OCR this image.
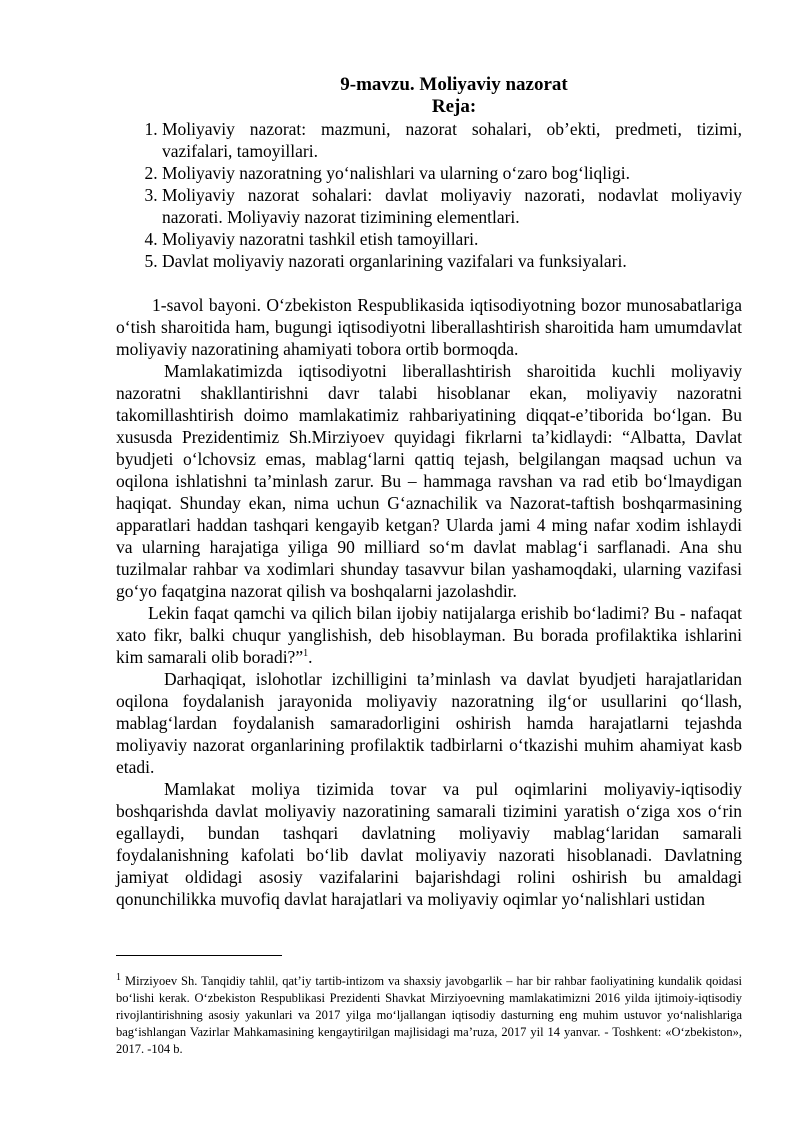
9-mavzu. Moliyaviy nazorat

Reja:

1. Moliyaviy nazorat: mazmuni, nazorat sohalari, ob’ekti, predmeti, tizimi, vazifalari, tamoyillari.
2. Moliyaviy nazoratning yo‘nalishlari va ularning o‘zaro bog‘liqligi.
3. Moliyaviy nazorat sohalari: davlat moliyaviy nazorati, nodavlat moliyaviy nazorati. Moliyaviy nazorat tizimining elementlari.
4. Moliyaviy nazoratni tashkil etish tamoyillari.
5. Davlat moliyaviy nazorati organlarining vazifalari va funksiyalari.

1-savol bayoni. O‘zbekiston Respublikasida iqtisodiyotning bozor munosabatlariga o‘tish sharoitida ham, bugungi iqtisodiyotni liberallashtirish sharoitida ham umumdavlat moliyaviy nazoratining ahamiyati tobora ortib bormoqda.

Mamlakatimizda iqtisodiyotni liberallashtirish sharoitida kuchli moliyaviy nazoratni shakllantirishni davr talabi hisoblanar ekan, moliyaviy nazoratni takomillashtirish doimo mamlakatimiz rahbariyatining diqqat-e’tiborida bo‘lgan. Bu xususda Prezidentimiz Sh.Mirziyoev quyidagi fikrlarni ta’kidlaydi: “Albatta, Davlat byudjeti o‘lchovsiz emas, mablag‘larni qattiq tejash, belgilangan maqsad uchun va oqilona ishlatishni ta’minlash zarur. Bu – hammaga ravshan va rad etib bo‘lmaydigan haqiqat. Shunday ekan, nima uchun G‘aznachilik va Nazorat-taftish boshqarmasining apparatlari haddan tashqari kengayib ketgan? Ularda jami 4 ming nafar xodim ishlaydi va ularning harajatiga yiliga 90 milliard so‘m davlat mablag‘i sarflanadi. Ana shu tuzilmalar rahbar va xodimlari shunday tasavvur bilan yashamoqdaki, ularning vazifasi go‘yo faqatgina nazorat qilish va boshqalarni jazolashdir.

Lekin faqat qamchi va qilich bilan ijobiy natijalarga erishib bo‘ladimi? Bu - nafaqat xato fikr, balki chuqur yanglishish, deb hisoblayman. Bu borada profilaktika ishlarini kim samarali olib boradi?”$^1$.

Darhaqiqat, islohotlar izchilligini ta’minlash va davlat byudjeti harajatlaridan oqilona foydalanish jarayonida moliyaviy nazoratning ilg‘or usullarini qo‘llash, mablag‘lardan foydalanish samaradorligini oshirish hamda harajatlarni tejashda moliyaviy nazorat organlarining profilaktik tadbirlarni o‘tkazishi muhim ahamiyat kasb etadi.

Mamlakat moliya tizimida tovar va pul oqimlarini moliyaviy-iqtisodiy boshqarishda davlat moliyaviy nazoratining samarali tizimini yaratish o‘ziga xos o‘rin egallaydi, bundan tashqari davlatning moliyaviy mablag‘laridan samarali foydalanishning kafolati bo‘lib davlat moliyaviy nazorati hisoblanadi. Davlatning jamiyat oldidagi asosiy vazifalarini bajarishdagi rolini oshirish bu amaldagi qonunchilikka muvofiq davlat harajatlari va moliyaviy oqimlar yo‘nalishlari ustidan

$^1$ Mirziyoev Sh. Tanqidiy tahlil, qat’iy tartib-intizom va shaxsiy javobgarlik – har bir rahbar faoliyatining kundalik qoidasi bo‘lishi kerak. O‘zbekiston Respublikasi Prezidenti Shavkat Mirziyoevning mamlakatimizni 2016 yilda ijtimoiy-iqtisodiy rivojlantirishning asosiy yakunlari va 2017 yilga mo‘ljallangan iqtisodiy dasturning eng muhim ustuvor yo‘nalishlariga bag‘ishlangan Vazirlar Mahkamasining kengaytirilgan majlisidagi ma’ruza, 2017 yil 14 yanvar. - Toshkent: «O‘zbekiston», 2017. -104 b.
